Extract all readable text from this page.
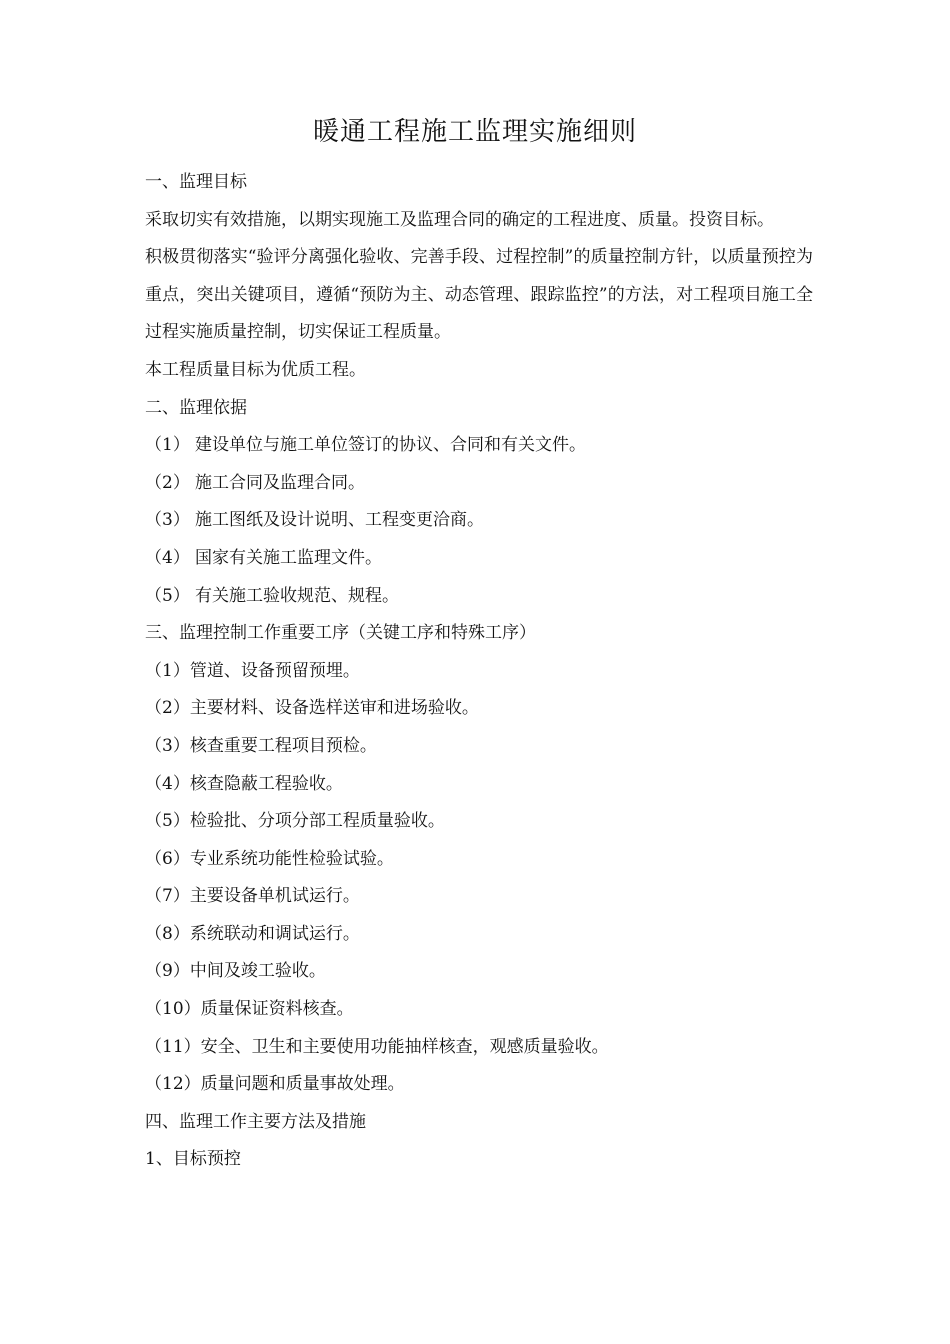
暖通工程施工监理实施细则
一、监理目标
采取切实有效措施，以期实现施工及监理合同的确定的工程进度、质量。投资目标。
积极贯彻落实“验评分离强化验收、完善手段、过程控制”的质量控制方针，以质量预控为重点，突出关键项目，遵循“预防为主、动态管理、跟踪监控”的方法，对工程项目施工全过程实施质量控制，切实保证工程质量。
本工程质量目标为优质工程。
二、监理依据
（1） 建设单位与施工单位签订的协议、合同和有关文件。
（2） 施工合同及监理合同。
（3） 施工图纸及设计说明、工程变更洽商。
（4） 国家有关施工监理文件。
（5） 有关施工验收规范、规程。
三、监理控制工作重要工序（关键工序和特殊工序）
（1）管道、设备预留预埋。
（2）主要材料、设备选样送审和进场验收。
（3）核查重要工程项目预检。
（4）核查隐蔽工程验收。
（5）检验批、分项分部工程质量验收。
（6）专业系统功能性检验试验。
（7）主要设备单机试运行。
（8）系统联动和调试运行。
（9）中间及竣工验收。
（10）质量保证资料核查。
（11）安全、卫生和主要使用功能抽样核查，观感质量验收。
（12）质量问题和质量事故处理。
四、监理工作主要方法及措施
1、目标预控
